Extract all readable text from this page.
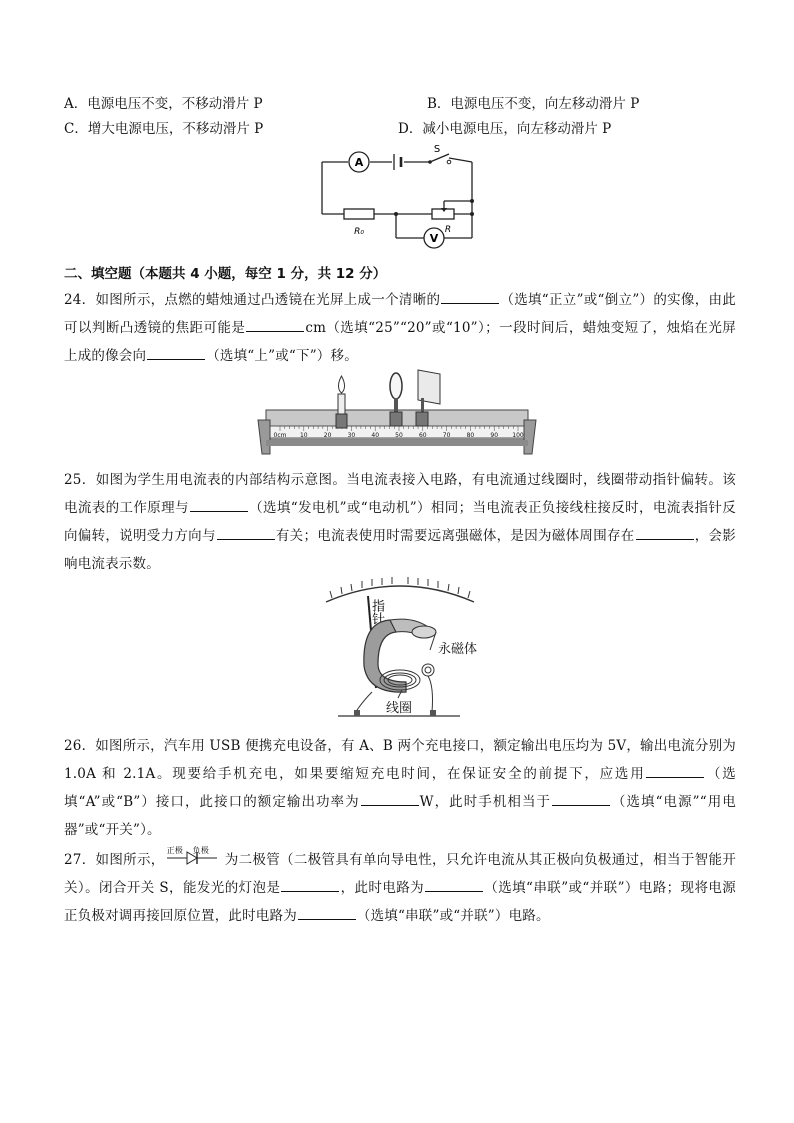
A．电源电压不变，不移动滑片 P	B．电源电压不变，向左移动滑片 P
C．增大电源电压，不移动滑片 P	D．减小电源电压，向左移动滑片 P
A
S
R₀	R
V
二、填空题（本题共 4 小题，每空 1 分，共 12 分）
24．如图所示，点燃的蜡烛通过凸透镜在光屏上成一个清晰的	（选填“正立”或“倒立”）的实像，由此可以判断凸透镜的焦距可能是	cm（选填“25”“20”或“10”）；一段时间后，蜡烛变短了，烛焰在光屏上成的像会向	（选填“上”或“下”）移。
0cm 10	20	30	40	50	60	70	80	90 100
25．如图为学生用电流表的内部结构示意图。当电流表接入电路，有电流通过线圈时，线圈带动指针偏转。该电流表的工作原理与	（选填“发电机”或“电动机”）相同；当电流表正负接线柱接反时，电流表指针反向偏转，说明受力方向与	有关；电流表使用时需要远离强磁体，是因为磁体周围存在	，会影响电流表示数。
指针
永磁体
线圈
26．如图所示，汽车用 USB 便携充电设备，有 A、B 两个充电接口，额定输出电压均为 5V，输出电流分别为 1.0A 和 2.1A。现要给手机充电，如果要缩短充电时间，在保证安全的前提下，应选用	（选填“A”或“B”）接口，此接口的额定输出功率为	W，此时手机相当于	（选填“电源”“用电器”或“开关”）。
27．如图所示，
正极 负极
为二极管（二极管具有单向导电性，只允许电流从其正极向负极通过，相当于智能开关）。闭合开关 S，能发光的灯泡是	，此时电路为	（选填“串联”或“并联”）电路；现将电源正负极对调再接回原位置，此时电路为	（选填“串联”或“并联”）电路。
